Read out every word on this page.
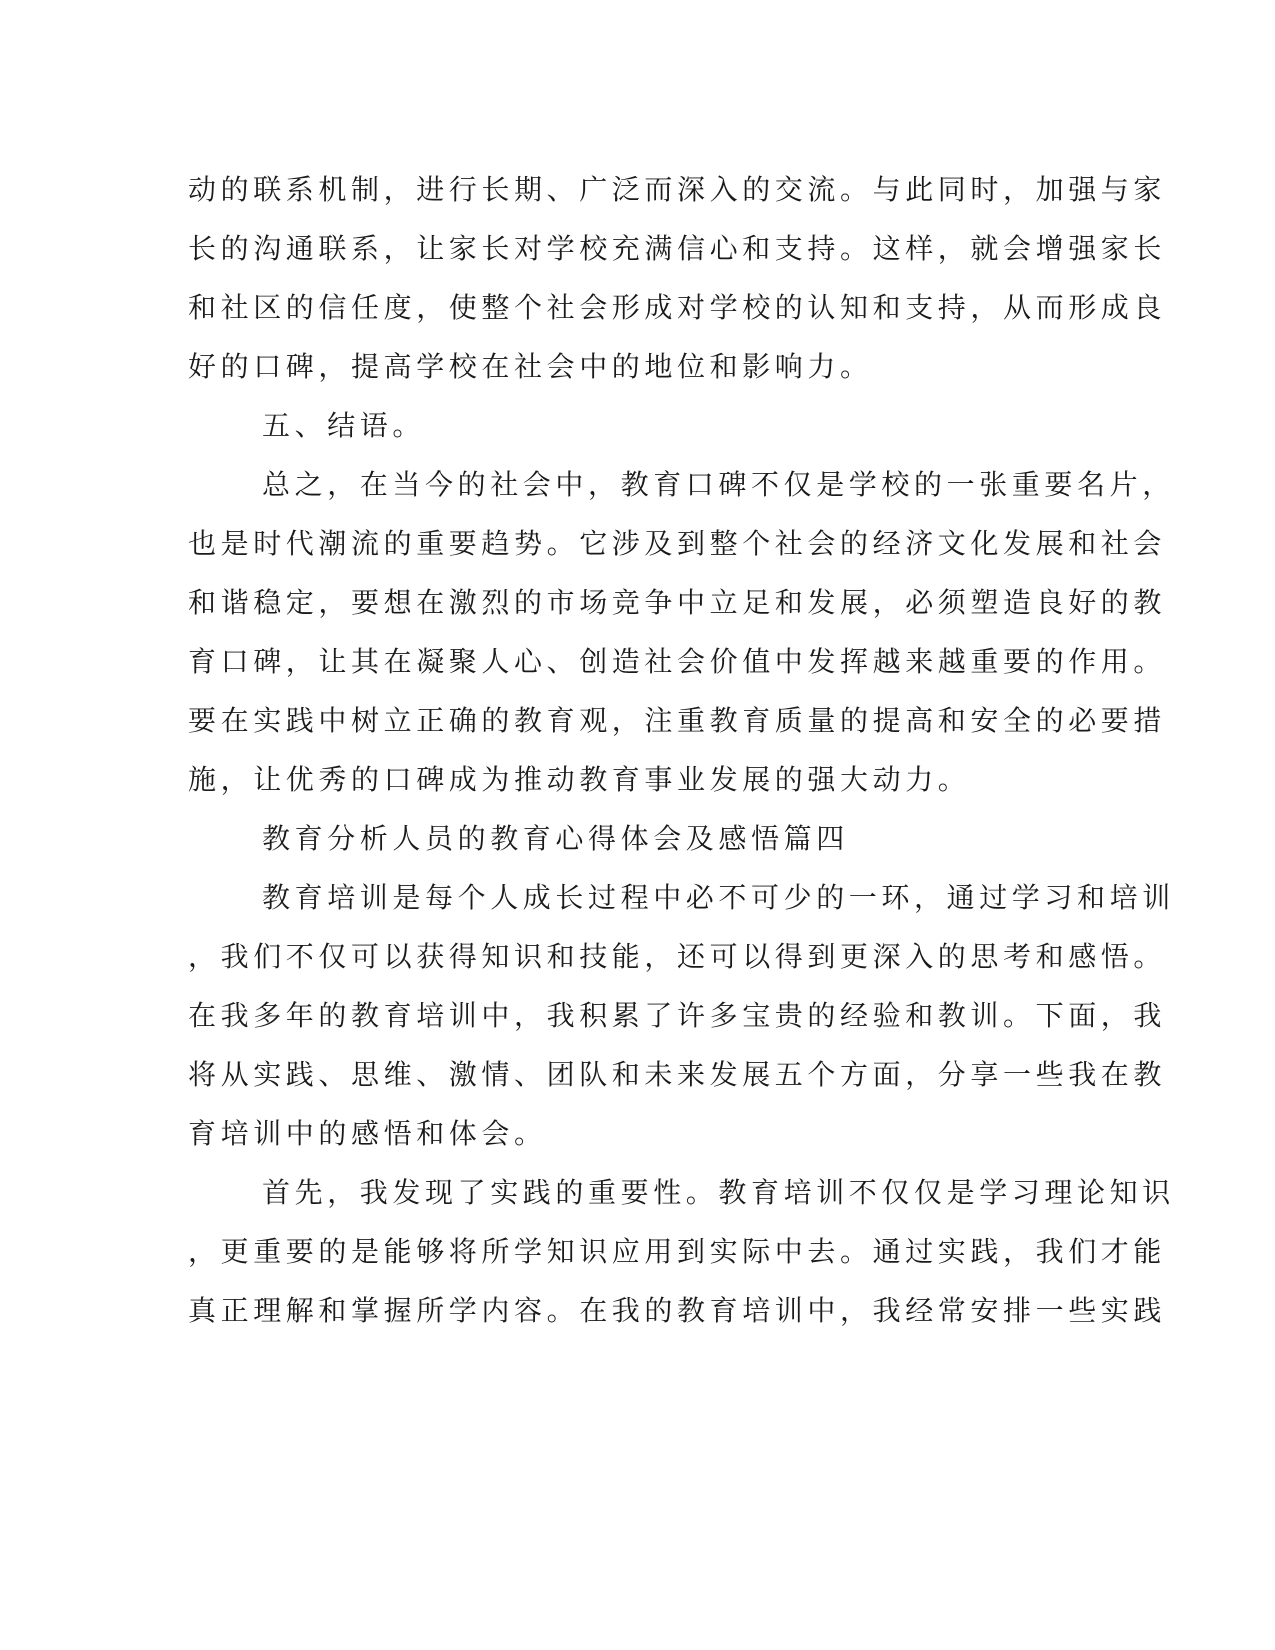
动的联系机制，进行长期、广泛而深入的交流。与此同时，加强与家
长的沟通联系，让家长对学校充满信心和支持。这样，就会增强家长
和社区的信任度，使整个社会形成对学校的认知和支持，从而形成良
好的口碑，提高学校在社会中的地位和影响力。
五、结语。
总之，在当今的社会中，教育口碑不仅是学校的一张重要名片，
也是时代潮流的重要趋势。它涉及到整个社会的经济文化发展和社会
和谐稳定，要想在激烈的市场竞争中立足和发展，必须塑造良好的教
育口碑，让其在凝聚人心、创造社会价值中发挥越来越重要的作用。
要在实践中树立正确的教育观，注重教育质量的提高和安全的必要措
施，让优秀的口碑成为推动教育事业发展的强大动力。
教育分析人员的教育心得体会及感悟篇四
教育培训是每个人成长过程中必不可少的一环，通过学习和培训
，我们不仅可以获得知识和技能，还可以得到更深入的思考和感悟。
在我多年的教育培训中，我积累了许多宝贵的经验和教训。下面，我
将从实践、思维、激情、团队和未来发展五个方面，分享一些我在教
育培训中的感悟和体会。
首先，我发现了实践的重要性。教育培训不仅仅是学习理论知识
，更重要的是能够将所学知识应用到实际中去。通过实践，我们才能
真正理解和掌握所学内容。在我的教育培训中，我经常安排一些实践
